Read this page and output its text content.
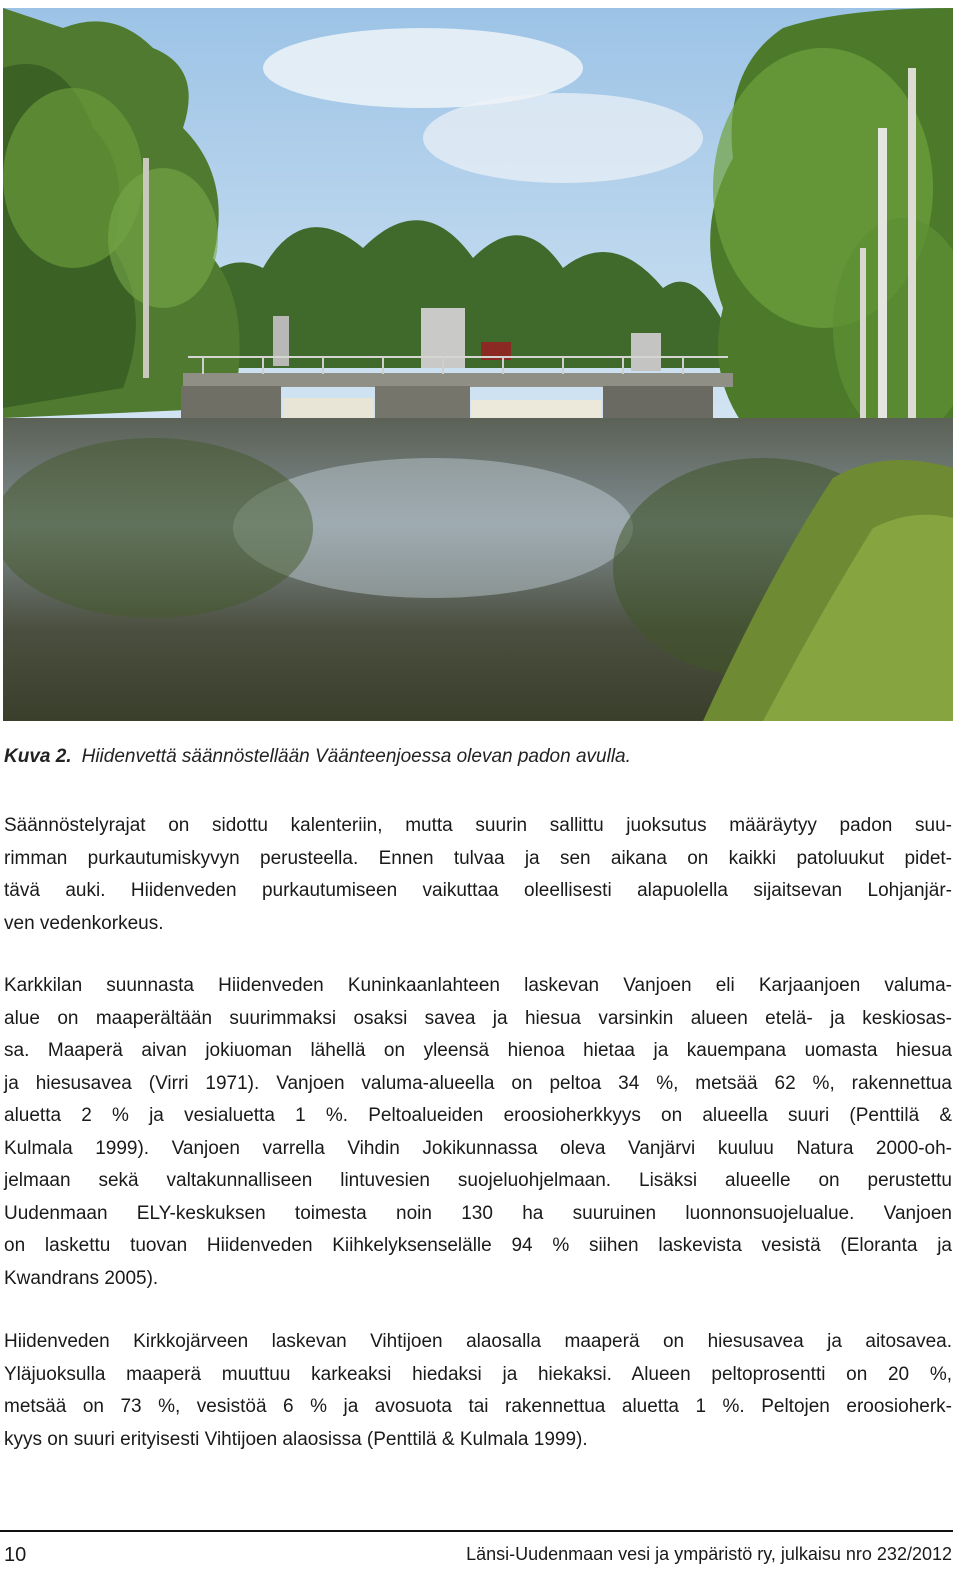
Kuva 2. Hiidenvettä säännöstellään Väänteenjoessa olevan padon avulla.
Säännöstelyrajat on sidottu kalenteriin, mutta suurin sallittu juoksutus määräytyy padon suu-
rimman purkautumiskyvyn perusteella. Ennen tulvaa ja sen aikana on kaikki patoluukut pidet-
tävä auki. Hiidenveden purkautumiseen vaikuttaa oleellisesti alapuolella sijaitsevan Lohjanjär-
ven vedenkorkeus.
Karkkilan suunnasta Hiidenveden Kuninkaanlahteen laskevan Vanjoen eli Karjaanjoen valuma-
alue on maaperältään suurimmaksi osaksi savea ja hiesua varsinkin alueen etelä- ja keskiosas-
sa. Maaperä aivan jokiuoman lähellä on yleensä hienoa hietaa ja kauempana uomasta hiesua
ja hiesusavea (Virri 1971). Vanjoen valuma-alueella on peltoa 34 %, metsää 62 %, rakennettua
aluetta 2 % ja vesialuetta 1 %. Peltoalueiden eroosioherkkyys on alueella suuri (Penttilä &
Kulmala 1999). Vanjoen varrella Vihdin Jokikunnassa oleva Vanjärvi kuuluu Natura 2000-oh-
jelmaan sekä valtakunnalliseen lintuvesien suojeluohjelmaan. Lisäksi alueelle on perustettu
Uudenmaan ELY-keskuksen toimesta noin 130 ha suuruinen luonnonsuojelualue. Vanjoen
on laskettu tuovan Hiidenveden Kiihkelyksenselälle 94 % siihen laskevista vesistä (Eloranta ja
Kwandrans 2005).
Hiidenveden Kirkkojärveen laskevan Vihtijoen alaosalla maaperä on hiesusavea ja aitosavea.
Yläjuoksulla maaperä muuttuu karkeaksi hiedaksi ja hiekaksi. Alueen peltoprosentti on 20 %,
metsää on 73 %, vesistöä 6 % ja avosuota tai rakennettua aluetta 1 %. Peltojen eroosioherk-
kyys on suuri erityisesti Vihtijoen alaosissa (Penttilä & Kulmala 1999).
10	Länsi-Uudenmaan vesi ja ympäristö ry, julkaisu nro 232/2012
